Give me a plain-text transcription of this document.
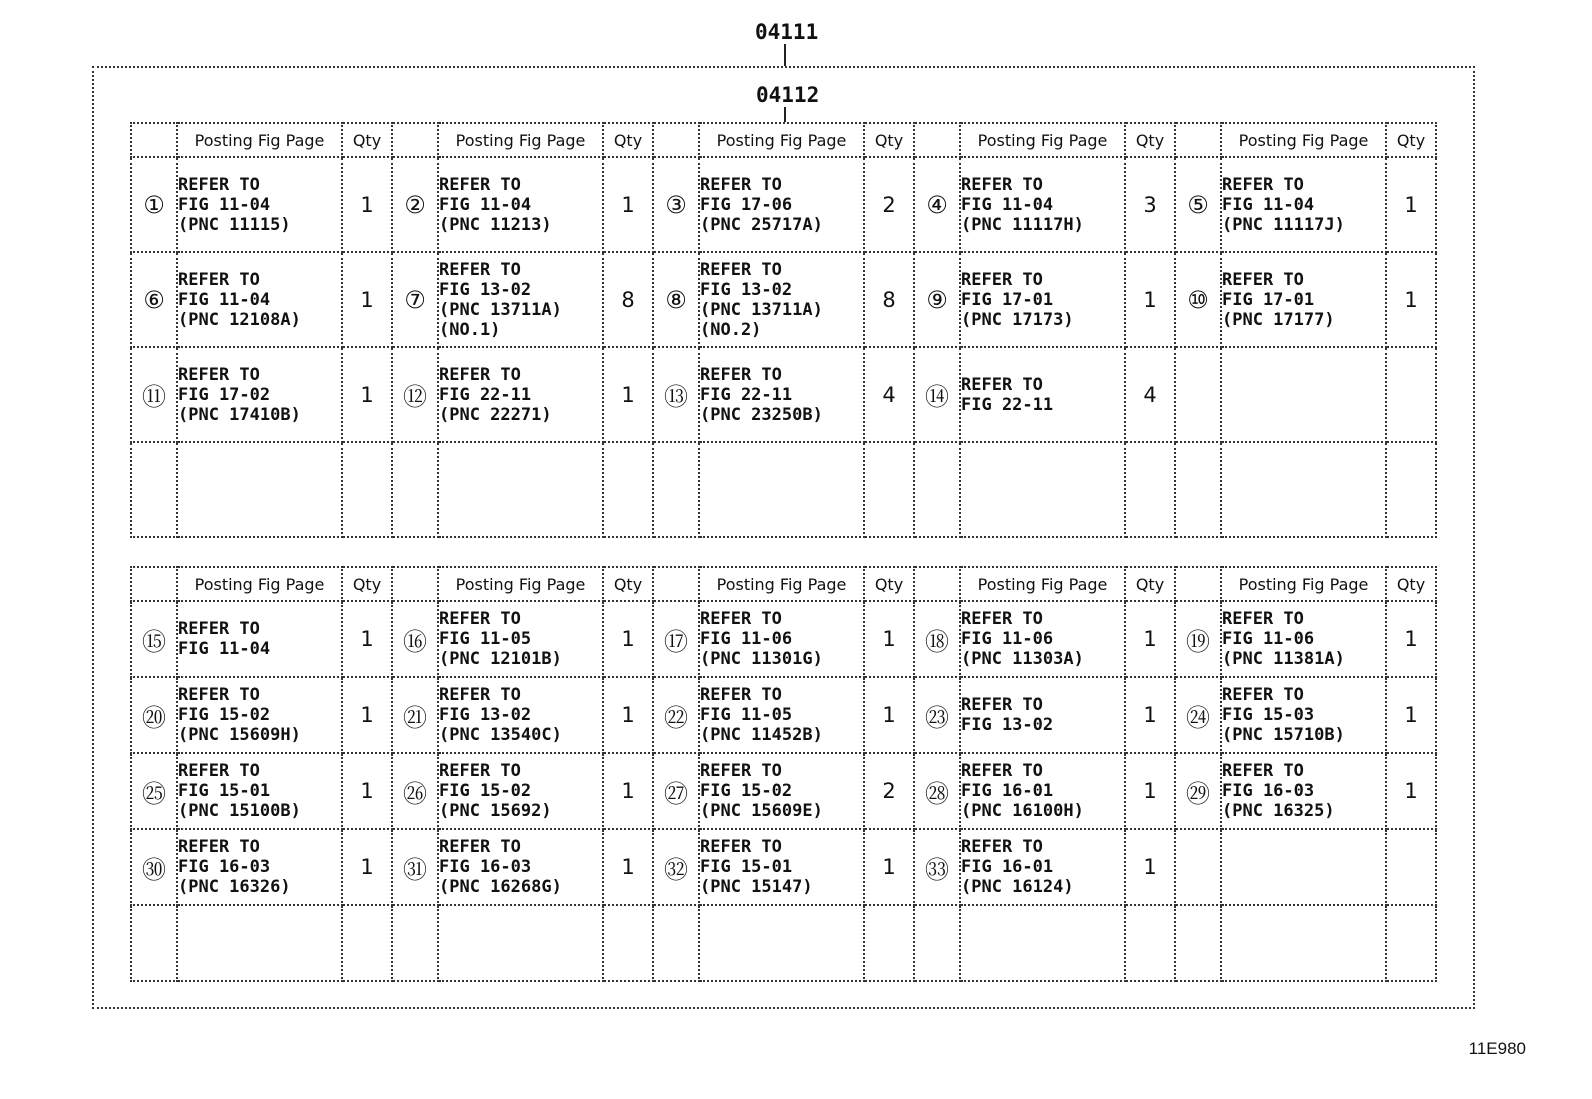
04111
04112
	Posting Fig Page	Qty		Posting Fig Page	Qty		Posting Fig Page	Qty		Posting Fig Page	Qty		Posting Fig Page	Qty
①	REFER TO
FIG 11-04
(PNC 11115)	1	②	REFER TO
FIG 11-04
(PNC 11213)	1	③	REFER TO
FIG 17-06
(PNC 25717A)	2	④	REFER TO
FIG 11-04
(PNC 11117H)	3	⑤	REFER TO
FIG 11-04
(PNC 11117J)	1
⑥	REFER TO
FIG 11-04
(PNC 12108A)	1	⑦	REFER TO
FIG 13-02
(PNC 13711A)
(NO.1)	8	⑧	REFER TO
FIG 13-02
(PNC 13711A)
(NO.2)	8	⑨	REFER TO
FIG 17-01
(PNC 17173)	1	⑩	REFER TO
FIG 17-01
(PNC 17177)	1
⑪	REFER TO
FIG 17-02
(PNC 17410B)	1	⑫	REFER TO
FIG 22-11
(PNC 22271)	1	⑬	REFER TO
FIG 22-11
(PNC 23250B)	4	⑭	REFER TO
FIG 22-11	4			

	Posting Fig Page	Qty		Posting Fig Page	Qty		Posting Fig Page	Qty		Posting Fig Page	Qty		Posting Fig Page	Qty
⑮	REFER TO
FIG 11-04	1	⑯	REFER TO
FIG 11-05
(PNC 12101B)	1	⑰	REFER TO
FIG 11-06
(PNC 11301G)	1	⑱	REFER TO
FIG 11-06
(PNC 11303A)	1	⑲	REFER TO
FIG 11-06
(PNC 11381A)	1
⑳	REFER TO
FIG 15-02
(PNC 15609H)	1	㉑	REFER TO
FIG 13-02
(PNC 13540C)	1	㉒	REFER TO
FIG 11-05
(PNC 11452B)	1	㉓	REFER TO
FIG 13-02	1	㉔	REFER TO
FIG 15-03
(PNC 15710B)	1
㉕	REFER TO
FIG 15-01
(PNC 15100B)	1	㉖	REFER TO
FIG 15-02
(PNC 15692)	1	㉗	REFER TO
FIG 15-02
(PNC 15609E)	2	㉘	REFER TO
FIG 16-01
(PNC 16100H)	1	㉙	REFER TO
FIG 16-03
(PNC 16325)	1
㉚	REFER TO
FIG 16-03
(PNC 16326)	1	㉛	REFER TO
FIG 16-03
(PNC 16268G)	1	㉜	REFER TO
FIG 15-01
(PNC 15147)	1	㉝	REFER TO
FIG 16-01
(PNC 16124)	1			

11E980
